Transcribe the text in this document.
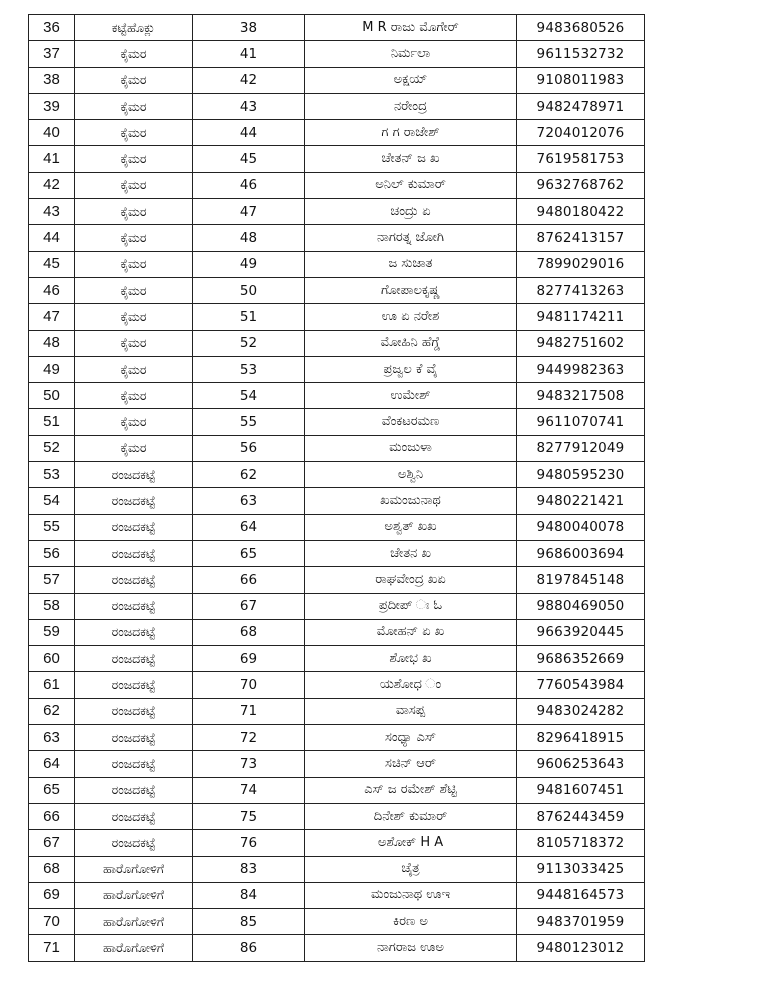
36	ಕಟ್ಟೆಹೊಕ್ಲು	38	M R ರಾಜು ಮೊಗೇರ್	9483680526
37	ಕೈಮರ	41	ನಿರ್ಮಲಾ	9611532732
38	ಕೈಮರ	42	ಅಕ್ಷಯ್	9108011983
39	ಕೈಮರ	43	ನರೇಂದ್ರ	9482478971
40	ಕೈಮರ	44	ಗ ಗ ರಾಜೇಶ್	7204012076
41	ಕೈಮರ	45	ಚೇತನ್ ಜ ಖ	7619581753
42	ಕೈಮರ	46	ಅನಿಲ್ ಕುಮಾರ್	9632768762
43	ಕೈಮರ	47	ಚಂದ್ರು ಏ	9480180422
44	ಕೈಮರ	48	ನಾಗರತ್ನ ಜೋಗಿ	8762413157
45	ಕೈಮರ	49	ಜ ಸುಜಾತ	7899029016
46	ಕೈಮರ	50	ಗೋಪಾಲಕೃಷ್ಣ	8277413263
47	ಕೈಮರ	51	ಊ ಏ ನರೇಶ	9481174211
48	ಕೈಮರ	52	ಮೋಹಿನಿ ಹೆಗ್ಡೆ	9482751602
49	ಕೈಮರ	53	ಪ್ರಜ್ವಲ ಕೆ ವೈ	9449982363
50	ಕೈಮರ	54	ಉಮೇಶ್	9483217508
51	ಕೈಮರ	55	ವೆಂಕಟರಮಣ	9611070741
52	ಕೈಮರ	56	ಮಂಜುಳಾ	8277912049
53	ರಂಜದಕಟ್ಟೆ	62	ಅಶ್ವಿನಿ	9480595230
54	ರಂಜದಕಟ್ಟೆ	63	ಖಮಂಜುನಾಥ	9480221421
55	ರಂಜದಕಟ್ಟೆ	64	ಅಶ್ವತ್ ಖಖ	9480040078
56	ರಂಜದಕಟ್ಟೆ	65	ಚೇತನ ಖ	9686003694
57	ರಂಜದಕಟ್ಟೆ	66	ರಾಘವೇಂದ್ರ ಖಏ	8197845148
58	ರಂಜದಕಟ್ಟೆ	67	ಪ್ರದೀಪ್ ಃ ಓ	9880469050
59	ರಂಜದಕಟ್ಟೆ	68	ಮೋಹನ್ ಏ ಖ	9663920445
60	ರಂಜದಕಟ್ಟೆ	69	ಶೋಭ ಖ	9686352669
61	ರಂಜದಕಟ್ಟೆ	70	ಯಶೋಧ ಂ	7760543984
62	ರಂಜದಕಟ್ಟೆ	71	ವಾಸಪ್ಪ	9483024282
63	ರಂಜದಕಟ್ಟೆ	72	ಸಂಧ್ಯಾ ಎಸ್	8296418915
64	ರಂಜದಕಟ್ಟೆ	73	ಸಚಿನ್ ಆರ್	9606253643
65	ರಂಜದಕಟ್ಟೆ	74	ಎಸ್ ಜ ರಮೇಶ್ ಶೆಟ್ಟಿ	9481607451
66	ರಂಜದಕಟ್ಟೆ	75	ದಿನೇಶ್ ಕುಮಾರ್	8762443459
67	ರಂಜದಕಟ್ಟೆ	76	ಅಶೋಕ್ H A	8105718372
68	ಹಾರೊಗೋಳಿಗೆ	83	ಚೈತ್ರ	9113033425
69	ಹಾರೊಗೋಳಿಗೆ	84	ಮಂಜುನಾಥ ಊಇ	9448164573
70	ಹಾರೊಗೋಳಿಗೆ	85	ಕಿರಣ ಅ	9483701959
71	ಹಾರೊಗೋಳಿಗೆ	86	ನಾಗರಾಜ ಊಅ	9480123012
